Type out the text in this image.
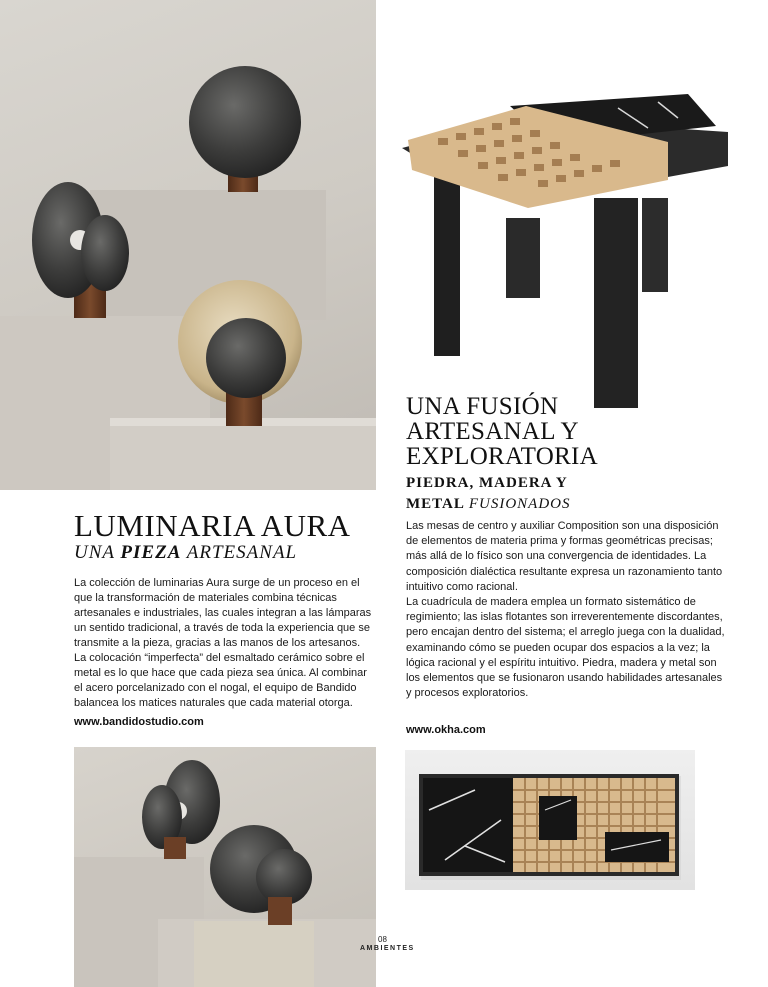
UNA FUSIÓN
ARTESANAL Y
EXPLORATORIA
PIEDRA, MADERA Y
METAL FUSIONADOS

Las mesas de centro y auxiliar Composition son una disposición de elementos de materia prima y formas geométricas precisas; más allá de lo físico son una convergencia de identidades. La composición dialéctica resultante expresa un razonamiento tanto intuitivo como racional.

La cuadrícula de madera emplea un formato sistemático de regimiento; las islas flotantes son irreverentemente discordantes, pero encajan dentro del sistema; el arreglo juega con la dualidad, examinando cómo se pueden ocupar dos espacios a la vez; la lógica racional y el espíritu intuitivo. Piedra, madera y metal son los elementos que se fusionaron usando habilidades artesanales y procesos exploratorios.

www.okha.com
LUMINARIA AURA
UNA PIEZA ARTESANAL
La colección de luminarias Aura surge de un proceso en el que la transformación de materiales combina técnicas artesanales e industriales, las cuales integran a las lámparas un sentido tradicional, a través de toda la experiencia que se transmite a la pieza, gracias a las manos de los artesanos. La colocación “imperfecta” del esmaltado cerámico sobre el metal es lo que hace que cada pieza sea única. Al combinar el acero porcelanizado con el nogal, el equipo de Bandido balancea los matices naturales que cada material otorga.
www.bandidostudio.com
08
AMBIENTES
